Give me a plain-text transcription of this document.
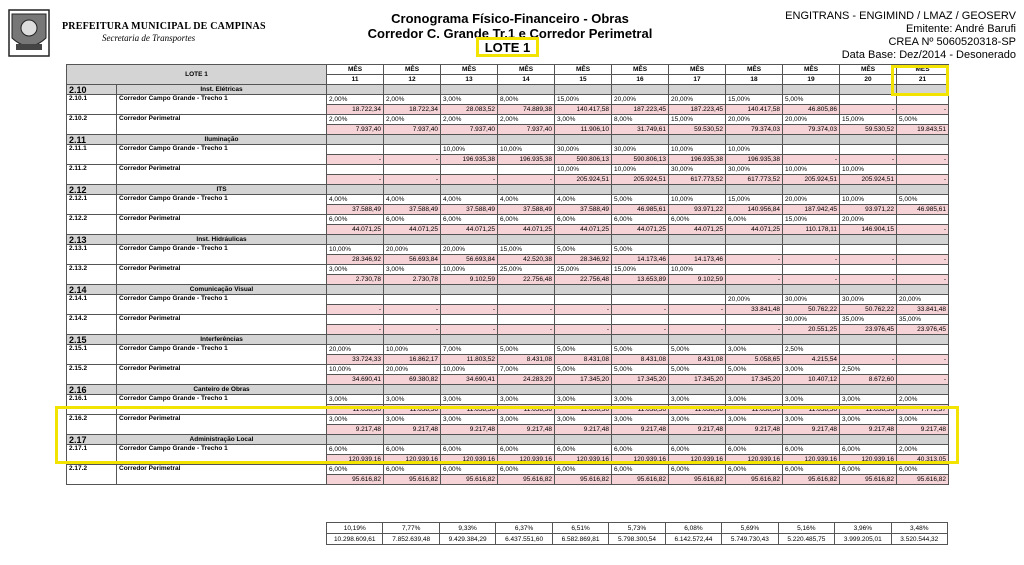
PREFEITURA MUNICIPAL DE CAMPINAS
Secretaria de Transportes
Cronograma Físico-Financeiro - Obras
Corredor C. Grande Tr.1 e Corredor Perimetral
LOTE 1
ENGITRANS - ENGIMIND / LMAZ / GEOSERV
Emitente: André Barufi
CREA Nº 5060520318-SP
Data Base: Dez/2014 - Desonerado
LOTE 1		MÊS	MÊS	MÊS	MÊS	MÊS	MÊS	MÊS	MÊS	MÊS	MÊS	MÊS
		11	12	13	14	15	16	17	18	19	20	21
2.10	Inst. Elétricas											
2.10.1	Corredor Campo Grande - Trecho 1	2,00%	2,00%	3,00%	8,00%	15,00%	20,00%	20,00%	15,00%	5,00%		
		18.722,34	18.722,34	28.083,52	74.889,38	140.417,58	187.223,45	187.223,45	140.417,58	46.805,86	-	-
2.10.2	Corredor Perimetral	2,00%	2,00%	2,00%	2,00%	3,00%	8,00%	15,00%	20,00%	20,00%	15,00%	5,00%
		7.937,40	7.937,40	7.937,40	7.937,40	11.906,10	31.749,61	59.530,52	79.374,03	79.374,03	59.530,52	19.843,51
2.11	Iluminação											
2.11.1	Corredor Campo Grande - Trecho 1			10,00%	10,00%	30,00%	30,00%	10,00%	10,00%			
		-	-	196.935,38	196.935,38	590.806,13	590.806,13	196.935,38	196.935,38	-	-	-
2.11.2	Corredor Perimetral					10,00%	10,00%	30,00%	30,00%	10,00%	10,00%	
		-	-	-	-	205.924,51	205.924,51	617.773,52	617.773,52	205.924,51	205.924,51	-
2.12	ITS											
2.12.1	Corredor Campo Grande - Trecho 1	4,00%	4,00%	4,00%	4,00%	4,00%	5,00%	10,00%	15,00%	20,00%	10,00%	5,00%
		37.588,49	37.588,49	37.588,49	37.588,49	37.588,49	46.985,61	93.971,22	140.956,84	187.942,45	93.971,22	46.985,61
2.12.2	Corredor Perimetral	6,00%	6,00%	6,00%	6,00%	6,00%	6,00%	6,00%	6,00%	15,00%	20,00%	
		44.071,25	44.071,25	44.071,25	44.071,25	44.071,25	44.071,25	44.071,25	44.071,25	110.178,11	146.904,15	-
2.13	Inst. Hidráulicas											
2.13.1	Corredor Campo Grande - Trecho 1	10,00%	20,00%	20,00%	15,00%	5,00%	5,00%					
		28.346,92	56.693,84	56.693,84	42.520,38	28.346,92	14.173,46	14.173,46	-	-	-	-
2.13.2	Corredor Perimetral	3,00%	3,00%	10,00%	25,00%	25,00%	15,00%	10,00%				
		2.730,78	2.730,78	9.102,59	22.756,48	22.756,48	13.653,89	9.102,59	-	-	-	-
2.14	Comunicação Visual											
2.14.1	Corredor Campo Grande - Trecho 1								20,00%	30,00%	30,00%	20,00%
		-	-	-	-	-	-	-	33.841,48	50.762,22	50.762,22	33.841,48
2.14.2	Corredor Perimetral									30,00%	35,00%	35,00%
		-	-	-	-	-	-	-	-	20.551,25	23.976,45	23.976,45
2.15	Interferências											
2.15.1	Corredor Campo Grande - Trecho 1	20,00%	10,00%	7,00%	5,00%	5,00%	5,00%	5,00%	3,00%	2,50%		
		33.724,33	16.862,17	11.803,52	8.431,08	8.431,08	8.431,08	8.431,08	5.058,65	4.215,54	-	-
2.15.2	Corredor Perimetral	10,00%	20,00%	10,00%	7,00%	5,00%	5,00%	5,00%	5,00%	3,00%	2,50%	
		34.690,41	69.380,82	34.690,41	24.283,29	17.345,20	17.345,20	17.345,20	17.345,20	10.407,12	8.672,60	-
2.16	Canteiro de Obras											
2.16.1	Corredor Campo Grande - Trecho 1	3,00%	3,00%	3,00%	3,00%	3,00%	3,00%	3,00%	3,00%	3,00%	3,00%	2,00%
		11.658,56	11.658,56	11.658,56	11.658,56	11.658,56	11.658,56	11.658,56	11.658,56	11.658,56	11.658,56	7.772,37
2.16.2	Corredor Perimetral	3,00%	3,00%	3,00%	3,00%	3,00%	3,00%	3,00%	3,00%	3,00%	3,00%	3,00%
		9.217,48	9.217,48	9.217,48	9.217,48	9.217,48	9.217,48	9.217,48	9.217,48	9.217,48	9.217,48	9.217,48
2.17	Administração Local											
2.17.1	Corredor Campo Grande - Trecho 1	6,00%	6,00%	6,00%	6,00%	6,00%	6,00%	6,00%	6,00%	6,00%	6,00%	2,00%
		120.939,16	120.939,16	120.939,16	120.939,16	120.939,16	120.939,16	120.939,16	120.939,16	120.939,16	120.939,16	40.313,05
2.17.2	Corredor Perimetral	6,00%	6,00%	6,00%	6,00%	6,00%	6,00%	6,00%	6,00%	6,00%	6,00%	6,00%
		95.616,82	95.616,82	95.616,82	95.616,82	95.616,82	95.616,82	95.616,82	95.616,82	95.616,82	95.616,82	95.616,82
10,19%	7,77%	9,33%	6,37%	6,51%	5,73%	6,08%	5,69%	5,16%	3,96%	3,48%
10.298.609,61	7.852.639,48	9.429.384,29	6.437.551,60	6.582.869,81	5.798.300,54	6.142.572,44	5.749.730,43	5.220.485,75	3.999.205,01	3.520.544,32
